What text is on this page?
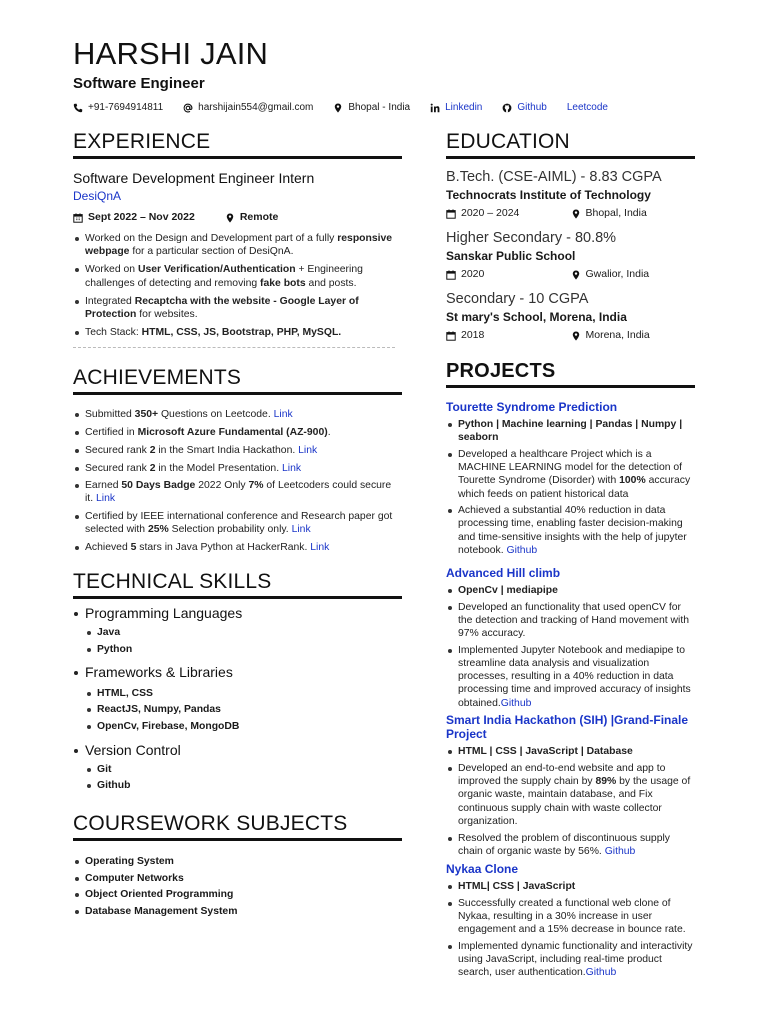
HARSHI JAIN
Software Engineer
+91-7694914811	harshijain554@gmail.com	Bhopal - India	Linkedin	Github Leetcode
EXPERIENCE
Software Development Engineer Intern
DesiQnA
Sept 2022 – Nov 2022	Remote
Worked on the Design and Development part of a fully responsive webpage for a particular section of DesiQnA.
Worked on User Verification/Authentication + Engineering challenges of detecting and removing fake bots and posts.
Integrated Recaptcha with the website - Google Layer of Protection for websites.
Tech Stack: HTML, CSS, JS, Bootstrap, PHP, MySQL.
ACHIEVEMENTS
Submitted 350+ Questions on Leetcode. Link
Certified in Microsoft Azure Fundamental (AZ-900).
Secured rank 2 in the Smart India Hackathon. Link
Secured rank 2 in the Model Presentation. Link
Earned 50 Days Badge 2022 Only 7% of Leetcoders could secure it. Link
Certified by IEEE international conference and Research paper got selected with 25% Selection probability only. Link
Achieved 5 stars in Java Python at HackerRank. Link
TECHNICAL SKILLS
Programming Languages
Java
Python
Frameworks & Libraries
HTML, CSS
ReactJS, Numpy, Pandas
OpenCv, Firebase, MongoDB
Version Control
Git
Github
COURSEWORK SUBJECTS
Operating System
Computer Networks
Object Oriented Programming
Database Management System
EDUCATION
B.Tech. (CSE-AIML) - 8.83 CGPA
Technocrats Institute of Technology
2020 – 2024	Bhopal, India
Higher Secondary - 80.8%
Sanskar Public School
2020	Gwalior, India
Secondary - 10 CGPA
St mary's School, Morena, India
2018	Morena, India
PROJECTS
Tourette Syndrome Prediction
Python | Machine learning | Pandas | Numpy | seaborn
Developed a healthcare Project which is a MACHINE LEARNING model for the detection of Tourette Syndrome (Disorder) with 100% accuracy which feeds on patient historical data
Achieved a substantial 40% reduction in data processing time, enabling faster decision-making and time-sensitive insights with the help of jupyter notebook. Github
Advanced Hill climb
OpenCv | mediapipe
Developed an functionality that used openCV for the detection and tracking of Hand movement with 97% accuracy.
Implemented Jupyter Notebook and mediapipe to streamline data analysis and visualization processes, resulting in a 40% reduction in data processing time and improved accuracy of insights obtained.Github
Smart India Hackathon (SIH) |Grand-Finale Project
HTML | CSS | JavaScript | Database
Developed an end-to-end website and app to improved the supply chain by 89% by the usage of organic waste, maintain database, and Fix continuous supply chain with waste collector organization.
Resolved the problem of discontinuous supply chain of organic waste by 56%. Github
Nykaa Clone
HTML| CSS | JavaScript
Successfully created a functional web clone of Nykaa, resulting in a 30% increase in user engagement and a 15% decrease in bounce rate.
Implemented dynamic functionality and interactivity using JavaScript, including real-time product search, user authentication.Github
